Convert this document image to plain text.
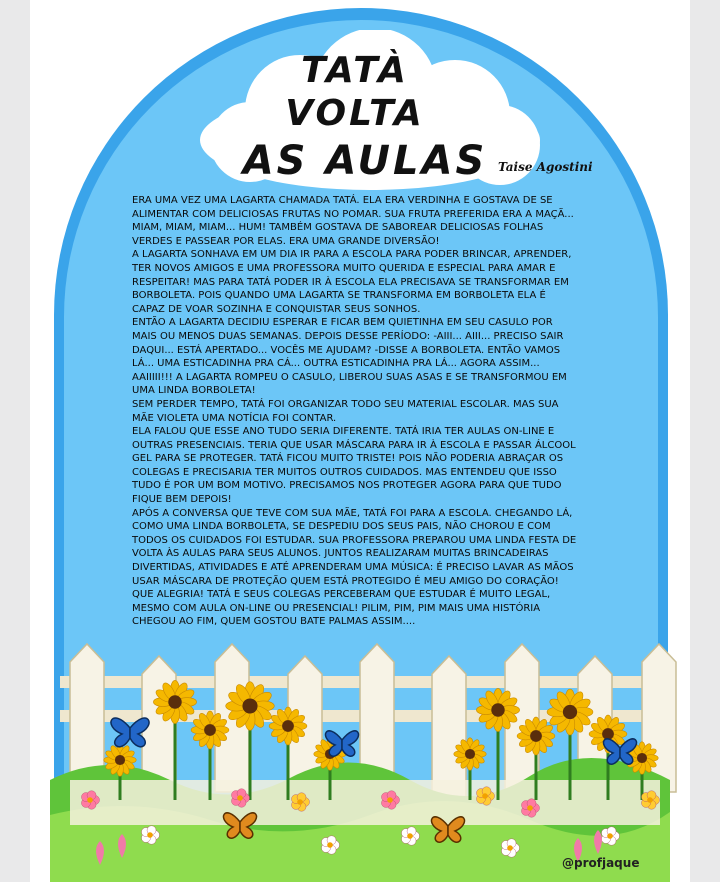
TATÀ
VOLTA
AS AULAS Taise Agostini

ERA UMA VEZ UMA LAGARTA CHAMADA TATÁ. ELA ERA VERDINHA E GOSTAVA DE SE ALIMENTAR COM DELICIOSAS FRUTAS NO POMAR. SUA FRUTA PREFERIDA ERA A MAÇÃ... MIAM, MIAM, MIAM... HUM! TAMBÉM GOSTAVA DE SABOREAR DELICIOSAS FOLHAS VERDES E PASSEAR POR ELAS. ERA UMA GRANDE DIVERSÃO!

A LAGARTA SONHAVA EM UM DIA IR PARA A ESCOLA PARA PODER BRINCAR, APRENDER, TER NOVOS AMIGOS E UMA PROFESSORA MUITO QUERIDA E ESPECIAL PARA AMAR E RESPEITAR! MAS PARA TATÁ PODER IR À ESCOLA ELA PRECISAVA SE TRANSFORMAR EM BORBOLETA. POIS QUANDO UMA LAGARTA SE TRANSFORMA EM BORBOLETA ELA É CAPAZ DE VOAR SOZINHA E CONQUISTAR SEUS SONHOS.

ENTÃO A LAGARTA DECIDIU ESPERAR E FICAR BEM QUIETINHA EM SEU CASULO POR MAIS OU MENOS DUAS SEMANAS. DEPOIS DESSE PERÍODO: -AIII... AIII... PRECISO SAIR DAQUI... ESTÁ APERTADO... VOCÊS ME AJUDAM? -DISSE A BORBOLETA. ENTÃO VAMOS LÁ... UMA ESTICADINHA PRA CÁ... OUTRA ESTICADINHA PRA LÁ... AGORA ASSIM... AAIIIII!!! A LAGARTA ROMPEU O CASULO, LIBEROU SUAS ASAS E SE TRANSFORMOU EM UMA LINDA BORBOLETA!

SEM PERDER TEMPO, TATÁ FOI ORGANIZAR TODO SEU MATERIAL ESCOLAR. MAS SUA MÃE VIOLETA UMA NOTÍCIA FOI CONTAR.

ELA FALOU QUE ESSE ANO TUDO SERIA DIFERENTE. TATÁ IRIA TER AULAS ON-LINE E OUTRAS PRESENCIAIS. TERIA QUE USAR MÁSCARA PARA IR À ESCOLA E PASSAR ÁLCOOL GEL PARA SE PROTEGER. TATÁ FICOU MUITO TRISTE! POIS NÃO PODERIA ABRAÇAR OS COLEGAS E PRECISARIA TER MUITOS OUTROS CUIDADOS. MAS ENTENDEU QUE ISSO TUDO É POR UM BOM MOTIVO. PRECISAMOS NOS PROTEGER AGORA PARA QUE TUDO FIQUE BEM DEPOIS!

APÓS A CONVERSA QUE TEVE COM SUA MÃE, TATÁ FOI PARA A ESCOLA. CHEGANDO LÁ, COMO UMA LINDA BORBOLETA, SE DESPEDIU DOS SEUS PAIS, NÃO CHOROU E COM TODOS OS CUIDADOS FOI ESTUDAR. SUA PROFESSORA PREPAROU UMA LINDA FESTA DE VOLTA ÀS AULAS PARA SEUS ALUNOS. JUNTOS REALIZARAM MUITAS BRINCADEIRAS DIVERTIDAS, ATIVIDADES E ATÉ APRENDERAM UMA MÚSICA: É PRECISO LAVAR AS MÃOS USAR MÁSCARA DE PROTEÇÃO QUEM ESTÁ PROTEGIDO É MEU AMIGO DO CORAÇÃO! QUE ALEGRIA! TATÁ E SEUS COLEGAS PERCEBERAM QUE ESTUDAR É MUITO LEGAL, MESMO COM AULA ON-LINE OU PRESENCIAL! PILIM, PIM, PIM MAIS UMA HISTÓRIA CHEGOU AO FIM, QUEM GOSTOU BATE PALMAS ASSIM....

@profjaque
